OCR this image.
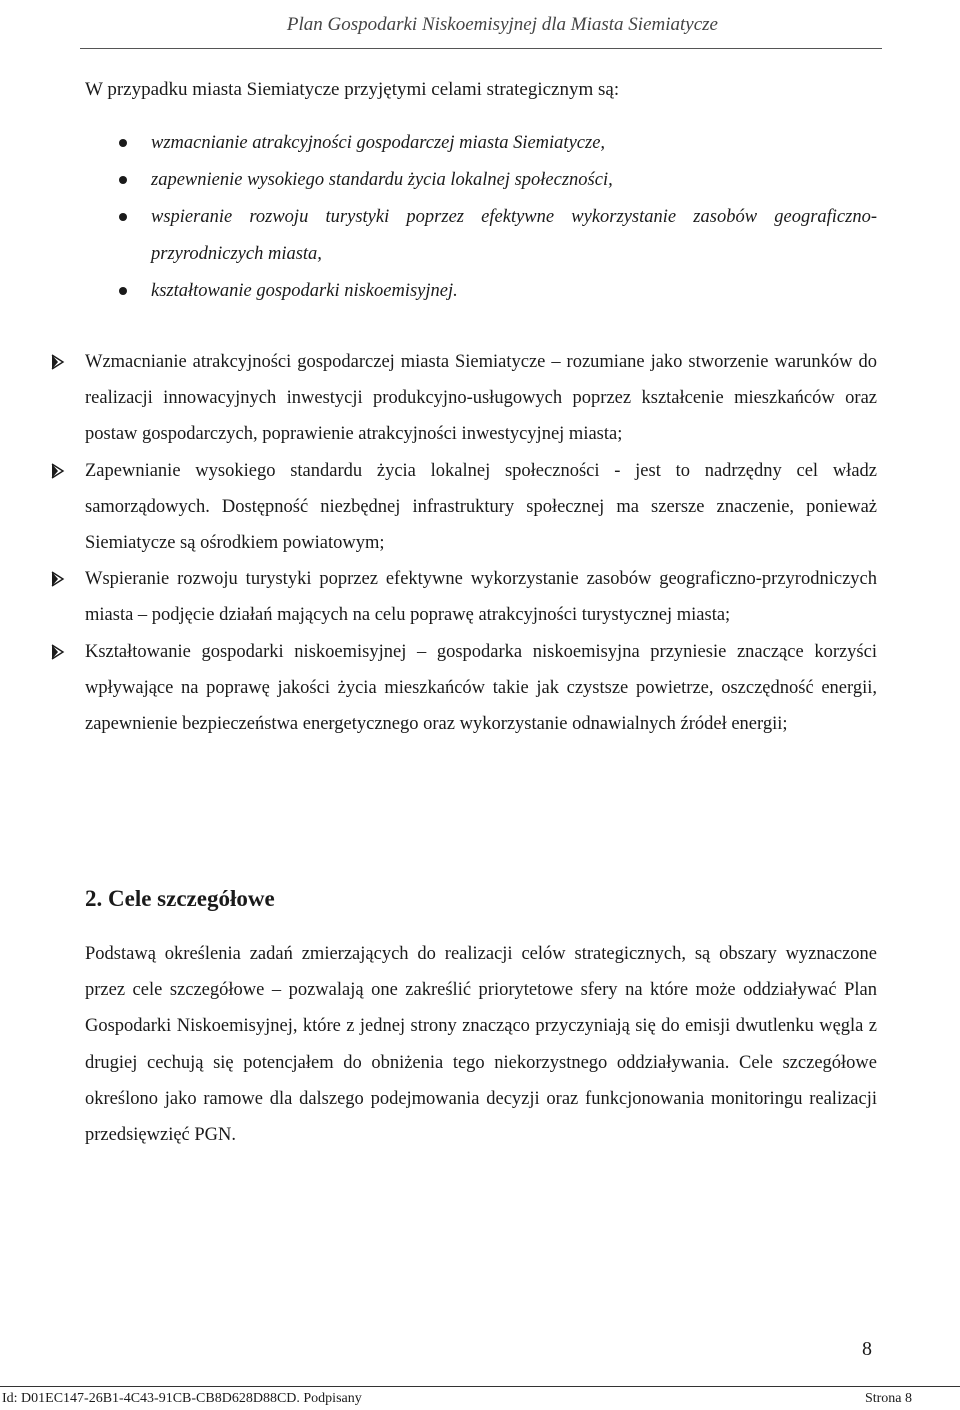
Plan Gospodarki Niskoemisyjnej dla Miasta Siemiatycze
W przypadku miasta Siemiatycze przyjętymi celami strategicznym są:
wzmacnianie atrakcyjności gospodarczej miasta Siemiatycze,
zapewnienie wysokiego standardu życia lokalnej społeczności,
wspieranie rozwoju turystyki poprzez efektywne wykorzystanie zasobów geograficzno-przyrodniczych miasta,
kształtowanie gospodarki niskoemisyjnej.
Wzmacnianie atrakcyjności gospodarczej miasta Siemiatycze – rozumiane jako stworzenie warunków do realizacji innowacyjnych inwestycji produkcyjno-usługowych poprzez kształcenie mieszkańców oraz postaw gospodarczych, poprawienie atrakcyjności inwestycyjnej miasta;
Zapewnianie wysokiego standardu życia lokalnej społeczności - jest to nadrzędny cel władz samorządowych. Dostępność niezbędnej infrastruktury społecznej ma szersze znaczenie, ponieważ Siemiatycze są ośrodkiem powiatowym;
Wspieranie rozwoju turystyki poprzez efektywne wykorzystanie zasobów geograficzno-przyrodniczych miasta – podjęcie działań mających na celu poprawę atrakcyjności turystycznej miasta;
Kształtowanie gospodarki niskoemisyjnej – gospodarka niskoemisyjna przyniesie znaczące korzyści wpływające na poprawę jakości życia mieszkańców takie jak czystsze powietrze, oszczędność energii, zapewnienie bezpieczeństwa energetycznego oraz wykorzystanie odnawialnych źródeł energii;
2. Cele szczegółowe

Podstawą określenia zadań zmierzających do realizacji celów strategicznych, są obszary wyznaczone przez cele szczegółowe – pozwalają one zakreślić priorytetowe sfery na które może oddziaływać Plan Gospodarki Niskoemisyjnej, które z jednej strony znacząco przyczyniają się do emisji dwutlenku węgla z drugiej cechują się potencjałem do obniżenia tego niekorzystnego oddziaływania. Cele szczegółowe określono jako ramowe dla dalszego podejmowania decyzji oraz funkcjonowania monitoringu realizacji przedsięwzięć PGN.

8
Id: D01EC147-26B1-4C43-91CB-CB8D628D88CD. Podpisany	Strona 8
